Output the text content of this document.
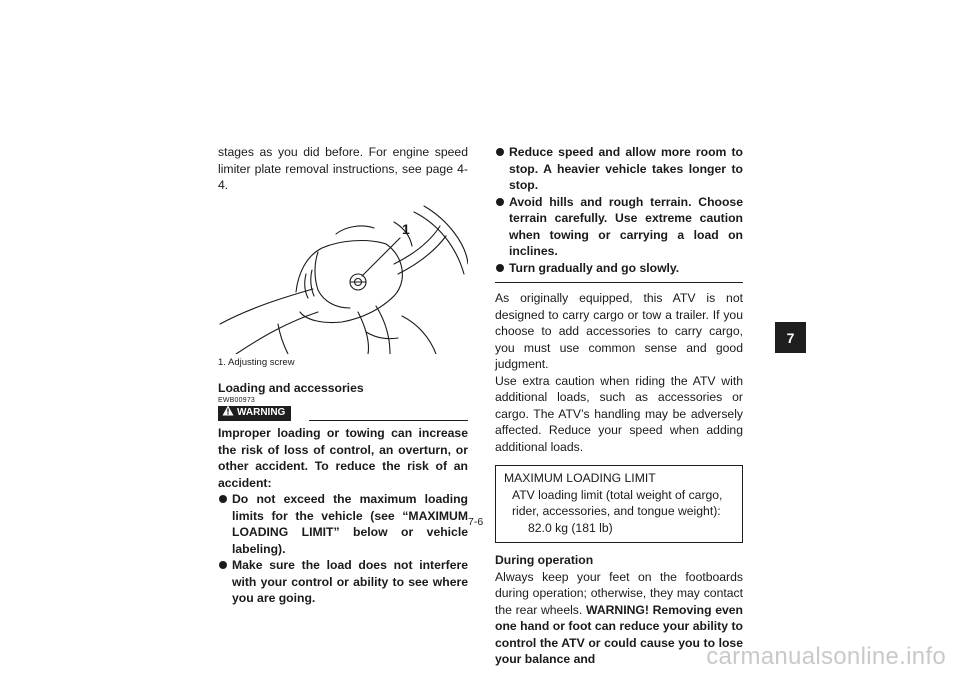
stages as you did before. For engine speed limiter plate removal instructions, see page 4-4.

1
1. Adjusting screw
Loading and accessories
EWB00973
WARNING

Improper loading or towing can increase the risk of loss of control, an overturn, or other accident. To reduce the risk of an accident:

Do not exceed the maximum loading limits for the vehicle (see “MAXIMUM LOADING LIMIT” below or vehicle labeling).
Make sure the load does not interfere with your control or ability to see where you are going.
Reduce speed and allow more room to stop. A heavier vehicle takes longer to stop.
Avoid hills and rough terrain. Choose terrain carefully. Use extreme caution when towing or carrying a load on inclines.
Turn gradually and go slowly.

As originally equipped, this ATV is not designed to carry cargo or tow a trailer. If you choose to add accessories to carry cargo, you must use common sense and good judgment.

Use extra caution when riding the ATV with additional loads, such as accessories or cargo. The ATV’s handling may be adversely affected. Reduce your speed when adding additional loads.

MAXIMUM LOADING LIMIT
ATV loading limit (total weight of cargo, rider, accessories, and tongue weight):
82.0 kg (181 lb)
During operation

Always keep your feet on the footboards during operation; otherwise, they may contact the rear wheels. WARNING! Removing even one hand or foot can reduce your ability to control the ATV or could cause you to lose your balance and

7
7-6
carmanualsonline.info
